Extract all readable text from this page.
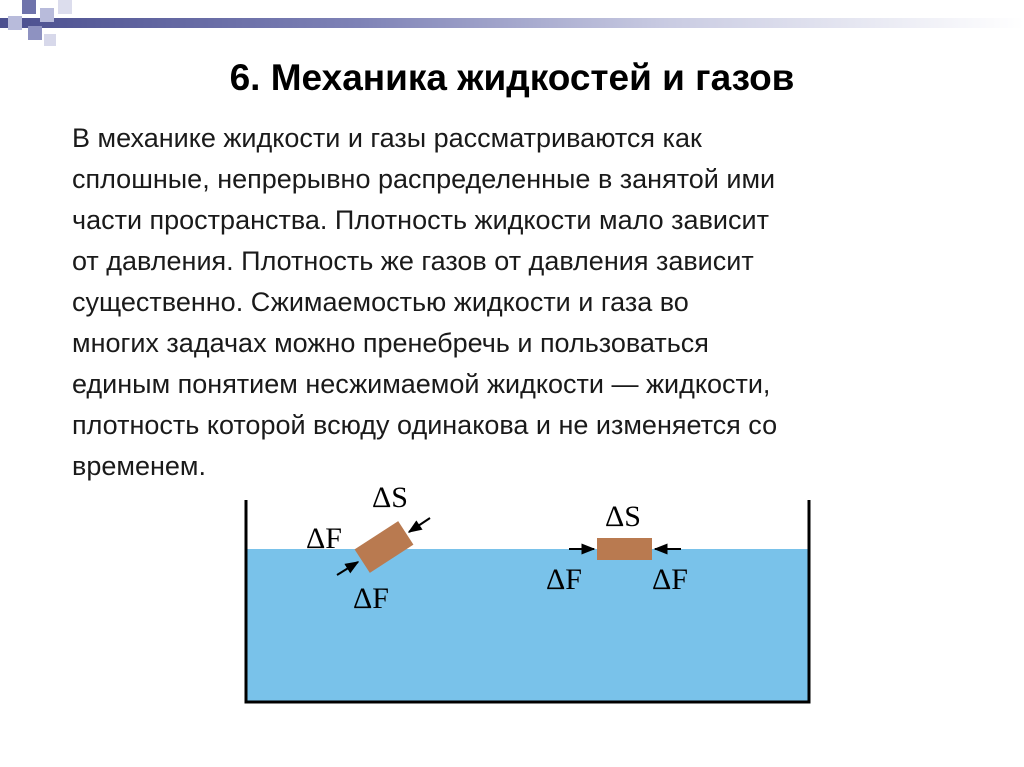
6. Механика жидкостей и газов
В механике жидкости и газы рассматриваются как
сплошные, непрерывно распределенные в занятой ими
части пространства. Плотность жидкости мало зависит
от давления. Плотность же газов от давления зависит
существенно. Сжимаемостью жидкости и газа во
многих задачах можно пренебречь и пользоваться
единым понятием несжимаемой жидкости — жидкости,
плотность которой всюду одинакова и не изменяется со
временем.
ΔS
ΔF
ΔF
ΔS
ΔF ΔF
